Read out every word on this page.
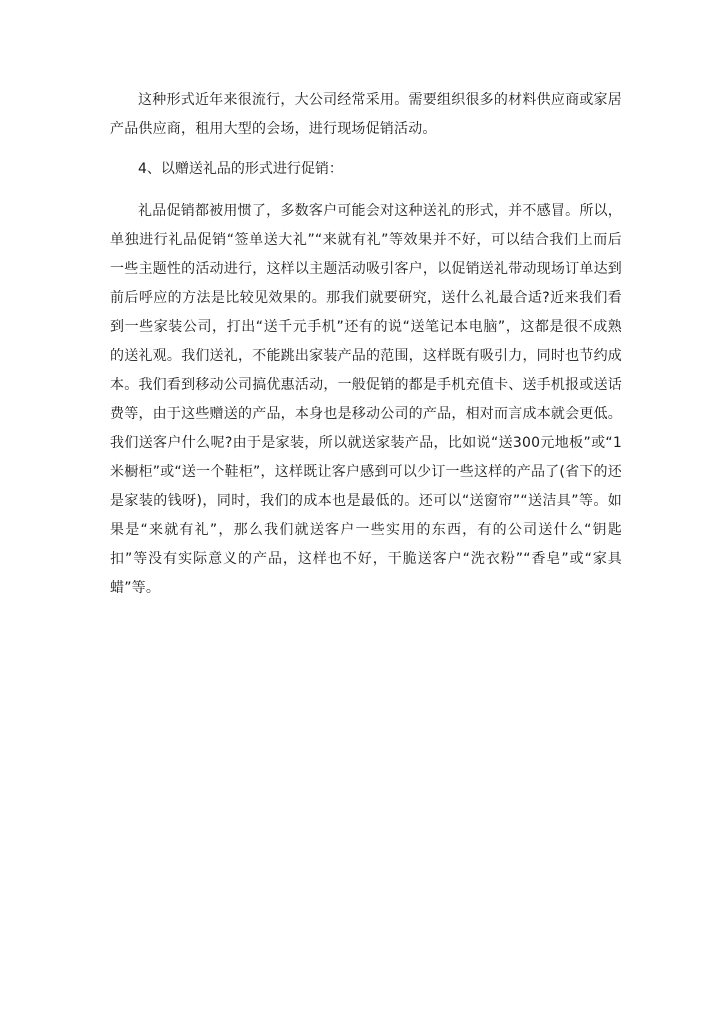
这种形式近年来很流行，大公司经常采用。需要组织很多的材料供应商或家居产品供应商，租用大型的会场，进行现场促销活动。

4、以赠送礼品的形式进行促销：

礼品促销都被用惯了，多数客户可能会对这种送礼的形式，并不感冒。所以，单独进行礼品促销“签单送大礼”“来就有礼”等效果并不好，可以结合我们上而后一些主题性的活动进行，这样以主题活动吸引客户，以促销送礼带动现场订单达到前后呼应的方法是比较见效果的。那我们就要研究，送什么礼最合适?近来我们看到一些家装公司，打出“送千元手机”还有的说“送笔记本电脑”，这都是很不成熟的送礼观。我们送礼，不能跳出家装产品的范围，这样既有吸引力，同时也节约成本。我们看到移动公司搞优惠活动，一般促销的都是手机充值卡、送手机报或送话费等，由于这些赠送的产品，本身也是移动公司的产品，相对而言成本就会更低。我们送客户什么呢?由于是家装，所以就送家装产品，比如说“送300元地板”或“1米橱柜”或“送一个鞋柜”，这样既让客户感到可以少订一些这样的产品了(省下的还是家装的钱呀)，同时，我们的成本也是最低的。还可以“送窗帘”“送洁具”等。如果是“来就有礼”，那么我们就送客户一些实用的东西，有的公司送什么“钥匙扣”等没有实际意义的产品，这样也不好，干脆送客户“洗衣粉”“香皂”或“家具蜡”等。
